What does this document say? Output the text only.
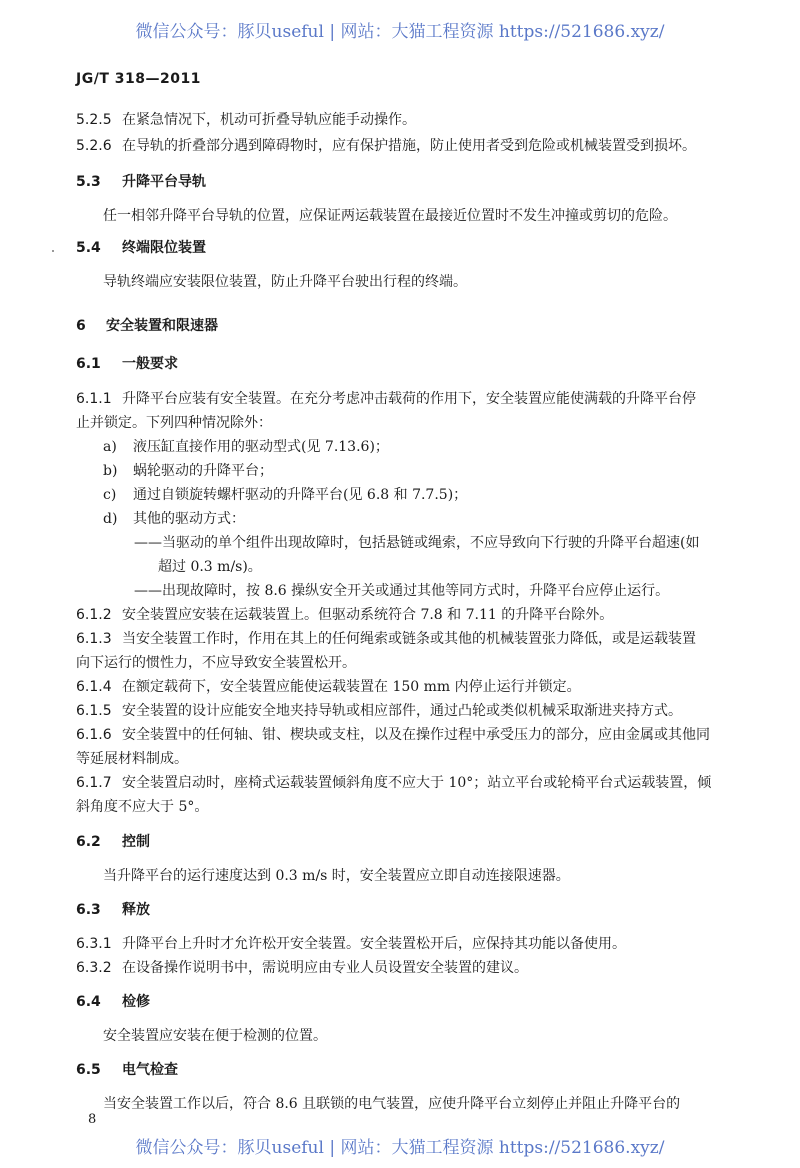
微信公众号：豚贝useful | 网站：大猫工程资源 https://521686.xyz/
JG/T 318—2011
5.2.5 在紧急情况下，机动可折叠导轨应能手动操作。
5.2.6 在导轨的折叠部分遇到障碍物时，应有保护措施，防止使用者受到危险或机械装置受到损坏。
5.3 升降平台导轨
任一相邻升降平台导轨的位置，应保证两运载装置在最接近位置时不发生冲撞或剪切的危险。
5.4 终端限位装置
导轨终端应安装限位装置，防止升降平台驶出行程的终端。
6 安全装置和限速器
6.1 一般要求
6.1.1 升降平台应装有安全装置。在充分考虑冲击载荷的作用下，安全装置应能使满载的升降平台停
止并锁定。下列四种情况除外：
a) 液压缸直接作用的驱动型式(见 7.13.6)；
b) 蜗轮驱动的升降平台；
c) 通过自锁旋转螺杆驱动的升降平台(见 6.8 和 7.7.5)；
d) 其他的驱动方式：
——当驱动的单个组件出现故障时，包括悬链或绳索，不应导致向下行驶的升降平台超速(如
超过 0.3 m/s)。
——出现故障时，按 8.6 操纵安全开关或通过其他等同方式时，升降平台应停止运行。
6.1.2 安全装置应安装在运载装置上。但驱动系统符合 7.8 和 7.11 的升降平台除外。
6.1.3 当安全装置工作时，作用在其上的任何绳索或链条或其他的机械装置张力降低，或是运载装置
向下运行的惯性力，不应导致安全装置松开。
6.1.4 在额定载荷下，安全装置应能使运载装置在 150 mm 内停止运行并锁定。
6.1.5 安全装置的设计应能安全地夹持导轨或相应部件，通过凸轮或类似机械采取渐进夹持方式。
6.1.6 安全装置中的任何轴、钳、楔块或支柱，以及在操作过程中承受压力的部分，应由金属或其他同
等延展材料制成。
6.1.7 安全装置启动时，座椅式运载装置倾斜角度不应大于 10°；站立平台或轮椅平台式运载装置，倾
斜角度不应大于 5°。
6.2 控制
当升降平台的运行速度达到 0.3 m/s 时，安全装置应立即自动连接限速器。
6.3 释放
6.3.1 升降平台上升时才允许松开安全装置。安全装置松开后，应保持其功能以备使用。
6.3.2 在设备操作说明书中，需说明应由专业人员设置安全装置的建议。
6.4 检修
安全装置应安装在便于检测的位置。
6.5 电气检查
当安全装置工作以后，符合 8.6 且联锁的电气装置，应使升降平台立刻停止并阻止升降平台的
8
微信公众号：豚贝useful | 网站：大猫工程资源 https://521686.xyz/
